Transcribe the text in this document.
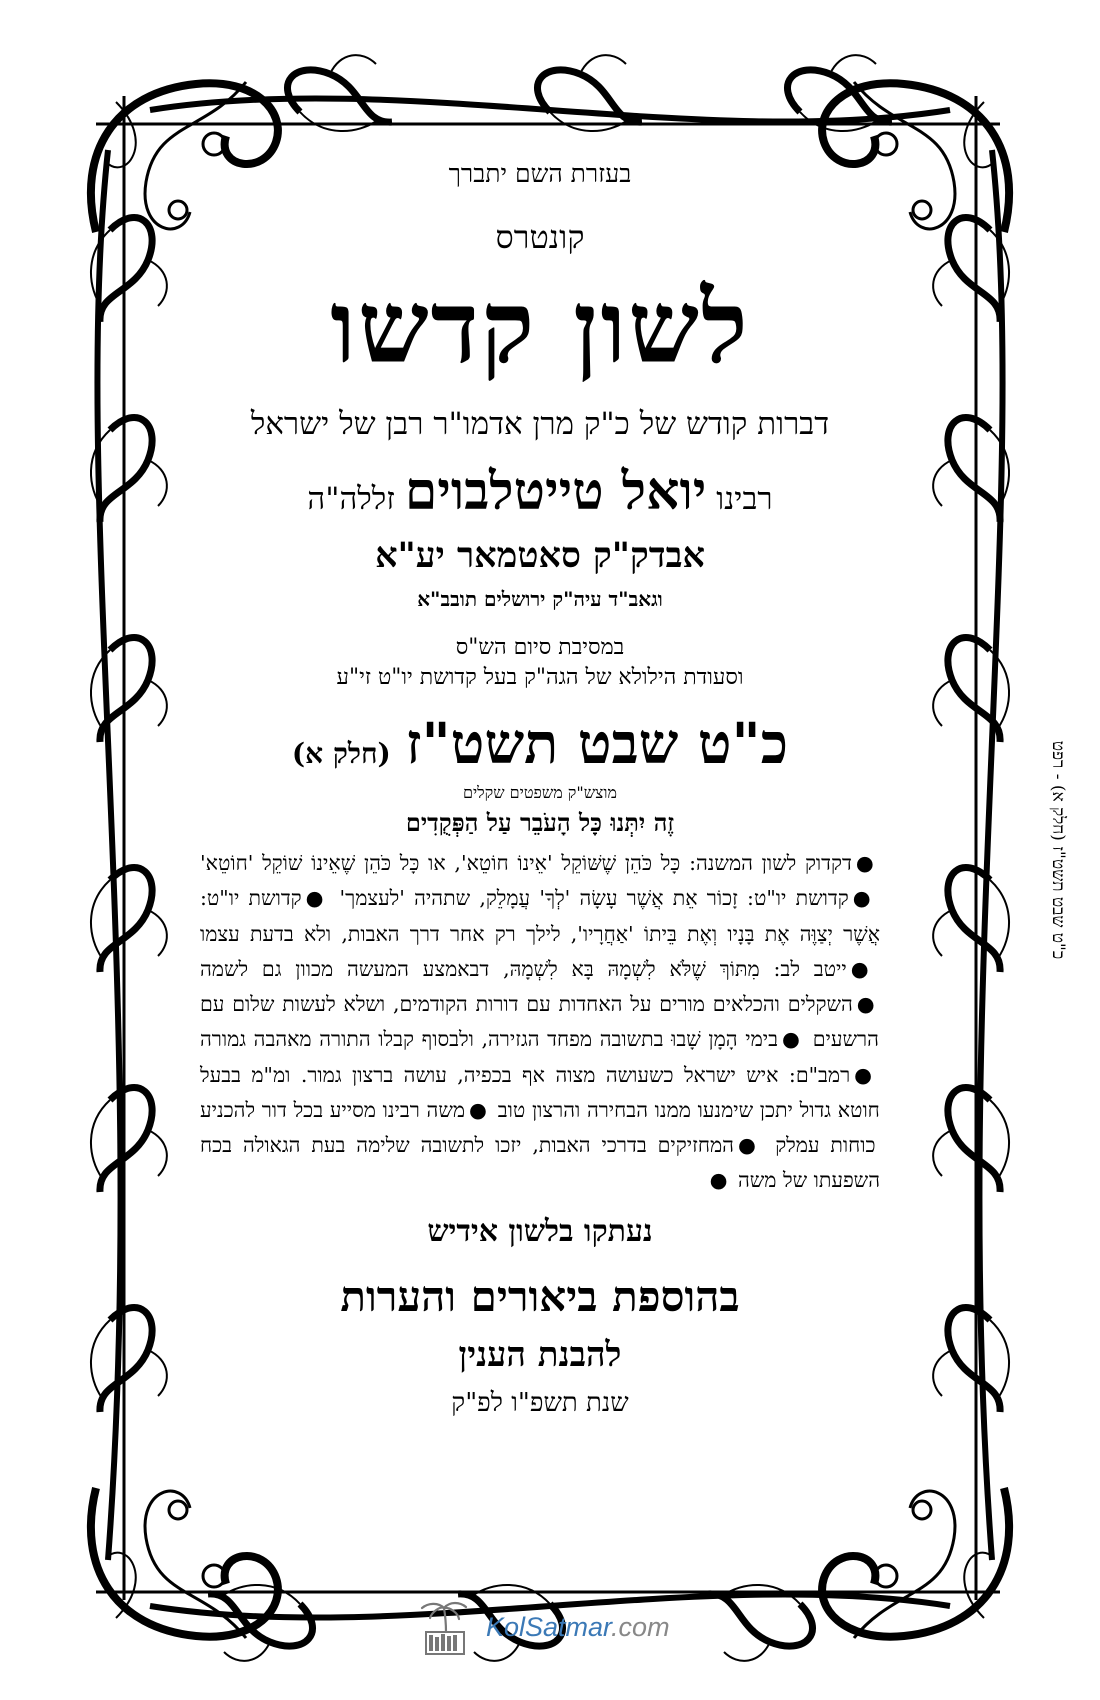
בעזרת השם יתברך
קונטרס
לשון קדשו
דברות קודש של כ"ק מרן אדמו"ר רבן של ישראל
רבינו יואל טייטלבוים זללה"ה
אבדק"ק סאטמאר יע"א
וגאב"ד עיה"ק ירושלים תובב"א
במסיבת סיום הש"ס
וסעודת הילולא של הגה"ק בעל קדושת יו"ט זי"ע
כ"ט שבט תשט"ז (חלק א)
מוצש"ק משפטים שקלים
זֶה יִתְּנוּ כָּל הָעֹבֵר עַל הַפְּקֻדִים
●דקדוק לשון המשנה: כָּל כֹּהֵן שֶׁשּׁוֹקֵל 'אֵינוֹ חוֹטֵא', או כָּל כֹּהֵן שֶׁאֵינוֹ שׁוֹקֵל 'חוֹטֵא' ●קדושת יו"ט: זָכוֹר אֵת אֲשֶׁר עָשָׂה 'לְךָ' עֲמָלֵק, שתהיה 'לעצמך' ●קדושת יו"ט: אֲשֶׁר יְצַוֶּה אֶת בָּנָיו וְאֶת בֵּיתוֹ 'אַחֲרָיו', לילך רק אחר דרך האבות, ולא בדעת עצמו ●ייטב לב: מִתּוֹךְ שֶׁלֹּא לִשְׁמָהּ בָּא לִשְׁמָהּ, דבאמצע המעשה מכוון גם לשמה ●השקלים והכלאים מורים על האחדות עם דורות הקודמים, ושלא לעשות שלום עם הרשעים ●בימי הָמָן שָׁבוּ בתשובה מפחד הגזירה, ולבסוף קבלו התורה מאהבה גמורה ●רמב"ם: איש ישראל כשעושה מצוה אף בכפיה, עושה ברצון גמור. ומ"מ בבעל חוטא גדול יתכן שימנעו ממנו הבחירה והרצון טוב ●משה רבינו מסייע בכל דור להכניע כוחות עמלק ●המחזיקים בדרכי האבות, יזכו לתשובה שלימה בעת הגאולה בכח השפעתו של משה ●
נעתקו בלשון אידיש
בהוספת ביאורים והערות
להבנת הענין
שנת תשפ"ו לפ"ק
כ"ט שבט תשט"ז (חלק א) - רפט
KolSatmar.com
